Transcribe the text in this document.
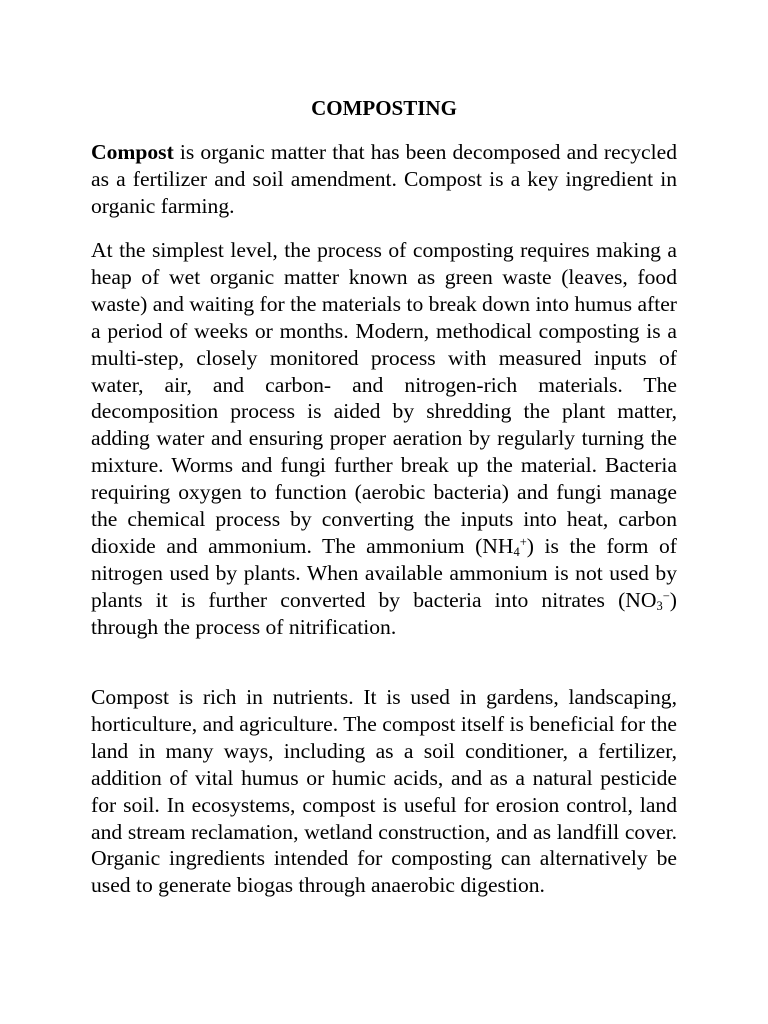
COMPOSTING

Compost is organic matter that has been decomposed and recycled as a fertilizer and soil amendment. Compost is a key ingredient in organic farming.

At the simplest level, the process of composting requires making a heap of wet organic matter known as green waste (leaves, food waste) and waiting for the materials to break down into humus after a period of weeks or months. Modern, methodical composting is a multi-step, closely monitored process with measured inputs of water, air, and carbon- and nitrogen-rich materials. The decomposition process is aided by shredding the plant matter, adding water and ensuring proper aeration by regularly turning the mixture. Worms and fungi further break up the material. Bacteria requiring oxygen to function (aerobic bacteria) and fungi manage the chemical process by converting the inputs into heat, carbon dioxide and ammonium. The ammonium $(NH_4^+)$ is the form of nitrogen used by plants. When available ammonium is not used by plants it is further converted by bacteria into nitrates $(NO_3^-)$ through the process of nitrification.

Compost is rich in nutrients. It is used in gardens, landscaping, horticulture, and agriculture. The compost itself is beneficial for the land in many ways, including as a soil conditioner, a fertilizer, addition of vital humus or humic acids, and as a natural pesticide for soil. In ecosystems, compost is useful for erosion control, land and stream reclamation, wetland construction, and as landfill cover. Organic ingredients intended for composting can alternatively be used to generate biogas through anaerobic digestion.
